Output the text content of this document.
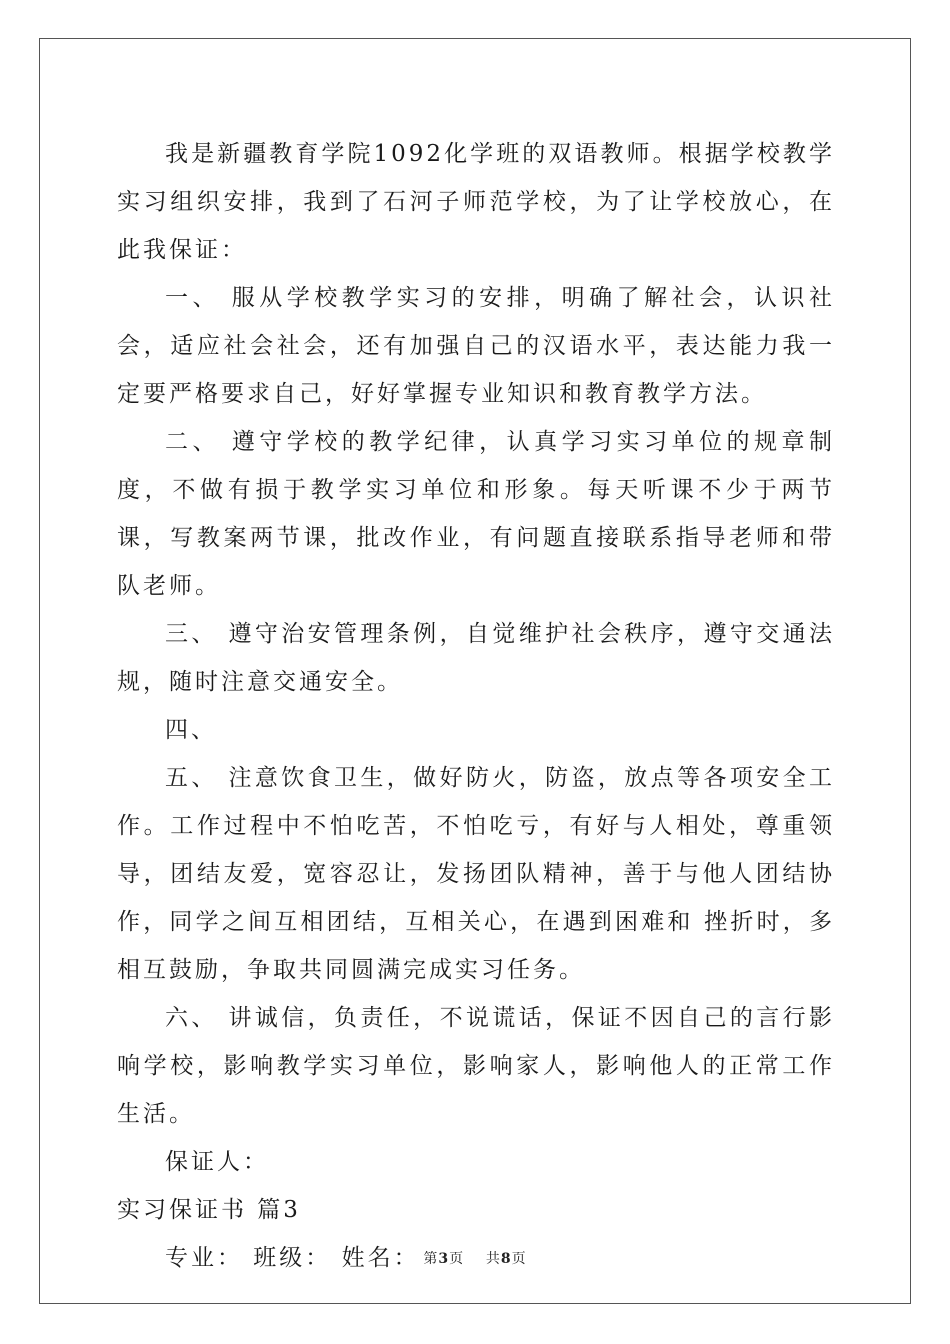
我是新疆教育学院1092化学班的双语教师。根据学校教学实习组织安排，我到了石河子师范学校，为了让学校放心，在此我保证：

一、 服从学校教学实习的安排，明确了解社会，认识社会，适应社会社会，还有加强自己的汉语水平，表达能力我一定要严格要求自己，好好掌握专业知识和教育教学方法。

二、 遵守学校的教学纪律，认真学习实习单位的规章制度，不做有损于教学实习单位和形象。每天听课不少于两节课，写教案两节课，批改作业，有问题直接联系指导老师和带队老师。

三、 遵守治安管理条例，自觉维护社会秩序，遵守交通法规，随时注意交通安全。

四、

五、 注意饮食卫生，做好防火，防盗，放点等各项安全工作。工作过程中不怕吃苦，不怕吃亏，有好与人相处，尊重领导，团结友爱，宽容忍让，发扬团队精神，善于与他人团结协作，同学之间互相团结，互相关心，在遇到困难和 挫折时，多相互鼓励，争取共同圆满完成实习任务。

六、 讲诚信，负责任，不说谎话，保证不因自己的言行影响学校，影响教学实习单位，影响家人，影响他人的正常工作生活。

保证人：

实习保证书 篇3

专业： 班级： 姓名： 第3页 共8页
